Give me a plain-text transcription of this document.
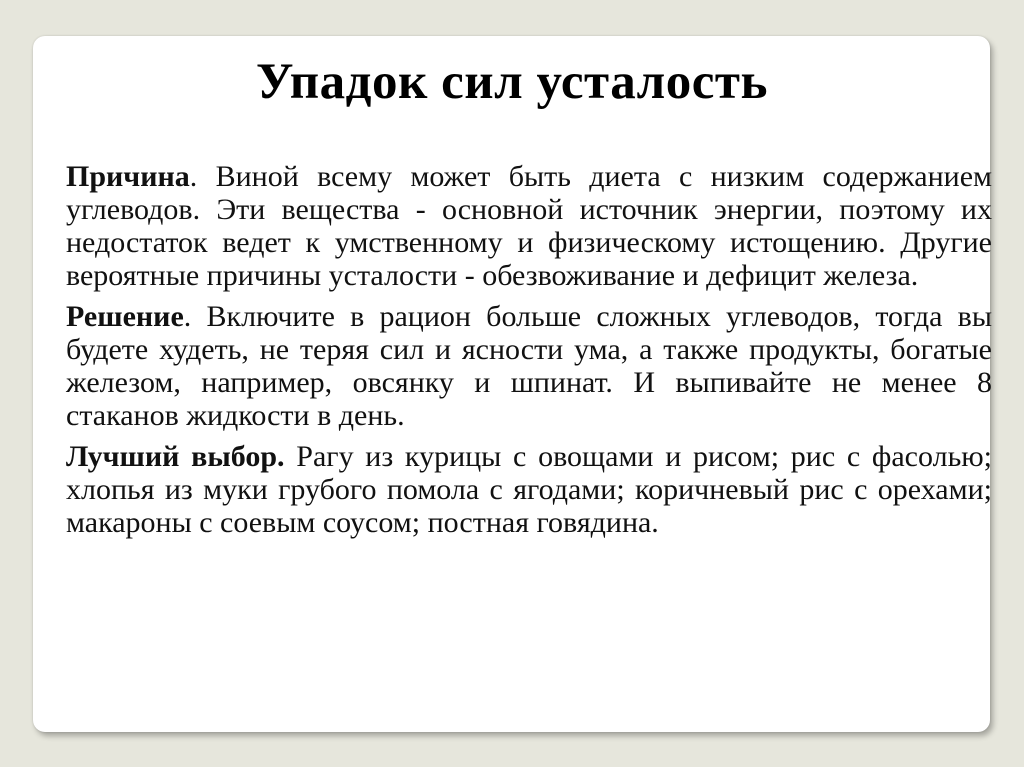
Упадок сил усталость

Причина. Виной всему может быть диета с низким содержанием углеводов. Эти вещества - основной источник энергии, поэтому их недостаток ведет к умственному и физическому истощению. Другие вероятные причины усталости - обезвоживание и дефицит железа.

Решение. Включите в рацион больше сложных углеводов, тогда вы будете худеть, не теряя сил и ясности ума, а также продукты, богатые железом, например, овсянку и шпинат. И выпивайте не менее 8 стаканов жидкости в день.

Лучший выбор. Рагу из курицы с овощами и рисом; рис с фасолью; хлопья из муки грубого помола с ягодами; коричневый рис с орехами; макароны с соевым соусом; постная говядина.
